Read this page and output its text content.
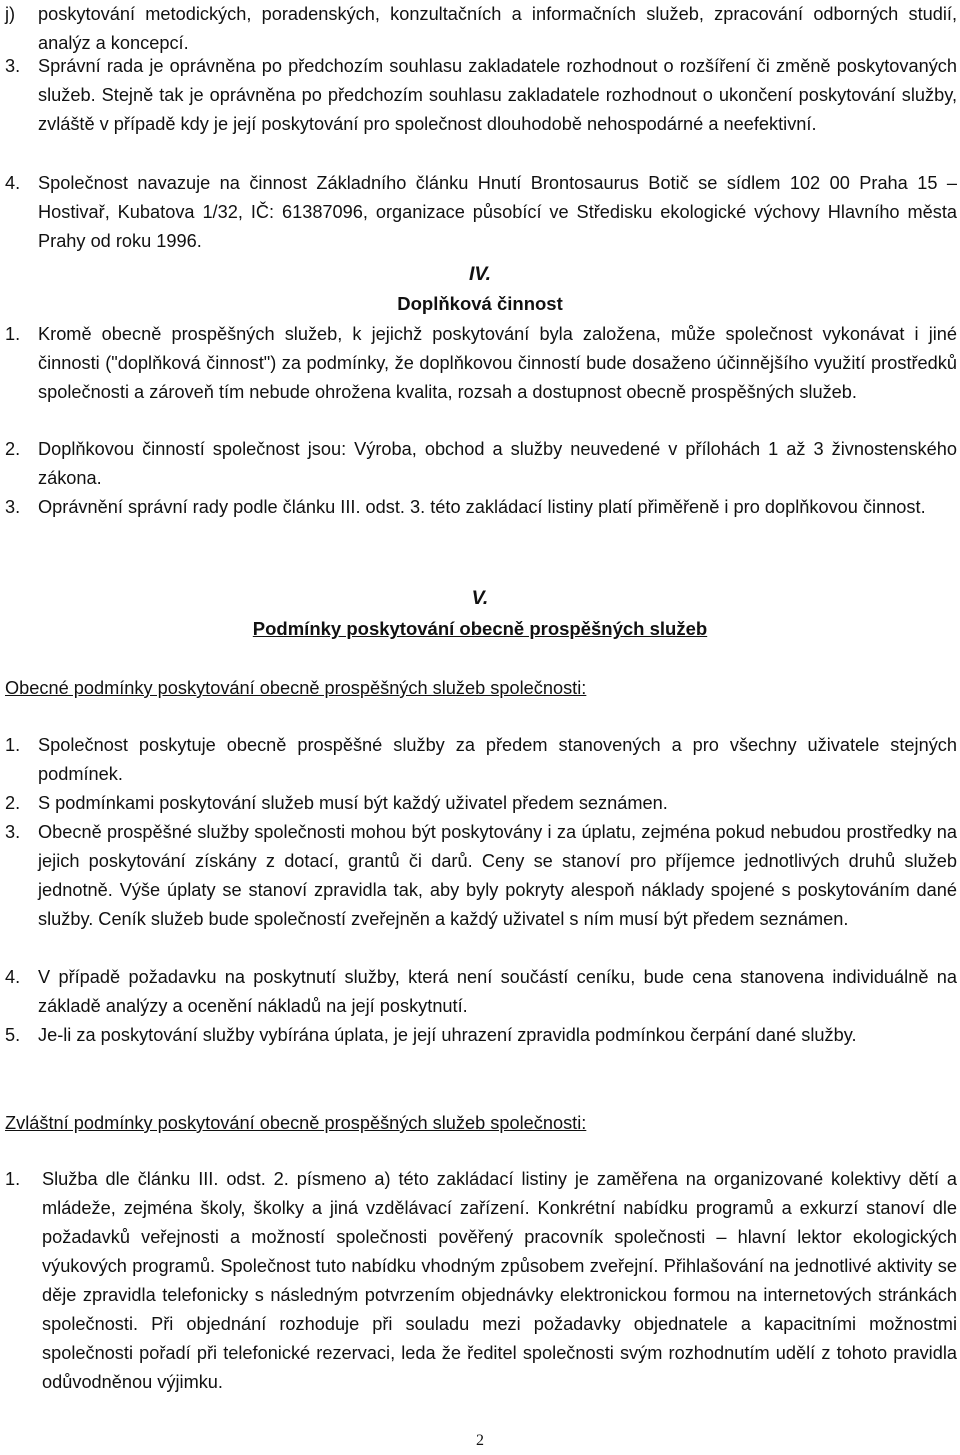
j) poskytování metodických, poradenských, konzultačních a informačních služeb, zpracování odborných studií, analýz a koncepcí.
3. Správní rada je oprávněna po předchozím souhlasu zakladatele rozhodnout o rozšíření či změně poskytovaných služeb. Stejně tak je oprávněna po předchozím souhlasu zakladatele rozhodnout o ukončení poskytování služby, zvláště v případě kdy je její poskytování pro společnost dlouhodobě nehospodárné a neefektivní.
4. Společnost navazuje na činnost Základního článku Hnutí Brontosaurus Botič se sídlem 102 00 Praha 15 – Hostivař, Kubatova 1/32, IČ: 61387096, organizace působící ve Středisku ekologické výchovy Hlavního města Prahy od roku 1996.
IV.
Doplňková činnost
1. Kromě obecně prospěšných služeb, k jejichž poskytování byla založena, může společnost vykonávat i jiné činnosti ("doplňková činnost") za podmínky, že doplňkovou činností bude dosaženo účinnějšího využití prostředků společnosti a zároveň tím nebude ohrožena kvalita, rozsah a dostupnost obecně prospěšných služeb.
2. Doplňkovou činností společnost jsou: Výroba, obchod a služby neuvedené v přílohách 1 až 3 živnostenského zákona.
3. Oprávnění správní rady podle článku III. odst. 3. této zakládací listiny platí přiměřeně i pro doplňkovou činnost.
V.
Podmínky poskytování obecně prospěšných služeb
Obecné podmínky poskytování obecně prospěšných služeb společnosti:
1. Společnost poskytuje obecně prospěšné služby za předem stanovených a pro všechny uživatele stejných podmínek.
2. S podmínkami poskytování služeb musí být každý uživatel předem seznámen.
3. Obecně prospěšné služby společnosti mohou být poskytovány i za úplatu, zejména pokud nebudou prostředky na jejich poskytování získány z dotací, grantů či darů. Ceny se stanoví pro příjemce jednotlivých druhů služeb jednotně. Výše úplaty se stanoví zpravidla tak, aby byly pokryty alespoň náklady spojené s poskytováním dané služby. Ceník služeb bude společností zveřejněn a každý uživatel s ním musí být předem seznámen.
4. V případě požadavku na poskytnutí služby, která není součástí ceníku, bude cena stanovena individuálně na základě analýzy a ocenění nákladů na její poskytnutí.
5. Je-li za poskytování služby vybírána úplata, je její uhrazení zpravidla podmínkou čerpání dané služby.
Zvláštní podmínky poskytování obecně prospěšných služeb společnosti:
1. Služba dle článku III. odst. 2. písmeno a) této zakládací listiny je zaměřena na organizované kolektivy dětí a mládeže, zejména školy, školky a jiná vzdělávací zařízení. Konkrétní nabídku programů a exkurzí stanoví dle požadavků veřejnosti a možností společnosti pověřený pracovník společnosti – hlavní lektor ekologických výukových programů. Společnost tuto nabídku vhodným způsobem zveřejní. Přihlašování na jednotlivé aktivity se děje zpravidla telefonicky s následným potvrzením objednávky elektronickou formou na internetových stránkách společnosti. Při objednání rozhoduje při souladu mezi požadavky objednatele a kapacitními možnostmi společnosti pořadí při telefonické rezervaci, leda že ředitel společnosti svým rozhodnutím udělí z tohoto pravidla odůvodněnou výjimku.
2
